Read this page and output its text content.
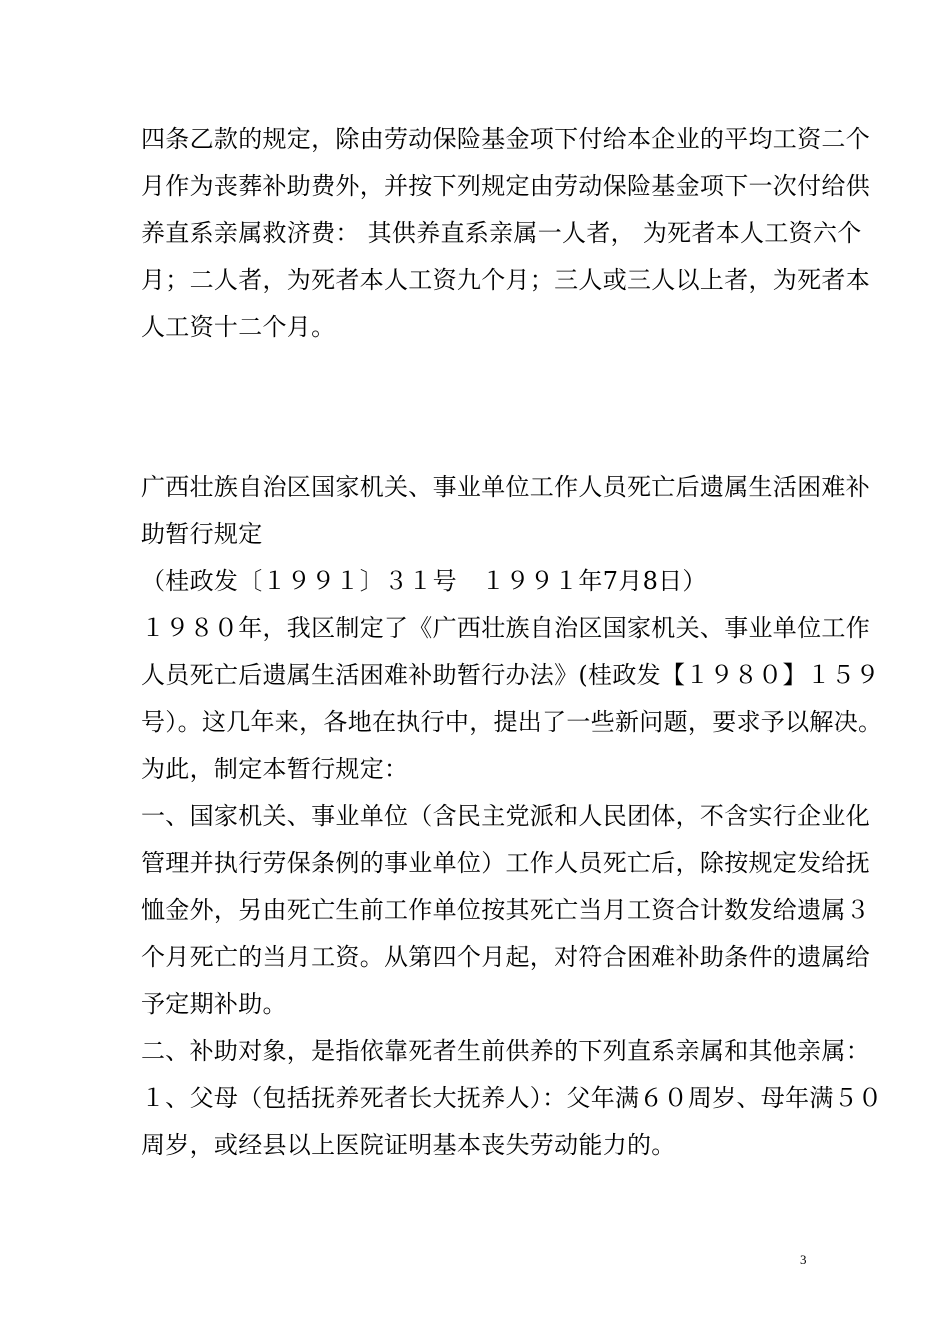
四条乙款的规定，除由劳动保险基金项下付给本企业的平均工资二个
月作为丧葬补助费外，并按下列规定由劳动保险基金项下一次付给供
养直系亲属救济费： 其供养直系亲属一人者， 为死者本人工资六个
月；二人者，为死者本人工资九个月；三人或三人以上者，为死者本
人工资十二个月。
广西壮族自治区国家机关、事业单位工作人员死亡后遗属生活困难补
助暂行规定
（桂政发〔１９９１〕３１号　１９９１年7月8日）
１９８０年，我区制定了《广西壮族自治区国家机关、事业单位工作
人员死亡后遗属生活困难补助暂行办法》(桂政发【１９８０】１５９
号）。这几年来，各地在执行中，提出了一些新问题，要求予以解决。
为此，制定本暂行规定：
一、国家机关、事业单位（含民主党派和人民团体，不含实行企业化
管理并执行劳保条例的事业单位）工作人员死亡后，除按规定发给抚
恤金外，另由死亡生前工作单位按其死亡当月工资合计数发给遗属３
个月死亡的当月工资。从第四个月起，对符合困难补助条件的遗属给
予定期补助。
二、补助对象，是指依靠死者生前供养的下列直系亲属和其他亲属：
１、父母（包括抚养死者长大抚养人）：父年满６０周岁、母年满５０
周岁，或经县以上医院证明基本丧失劳动能力的。
3
